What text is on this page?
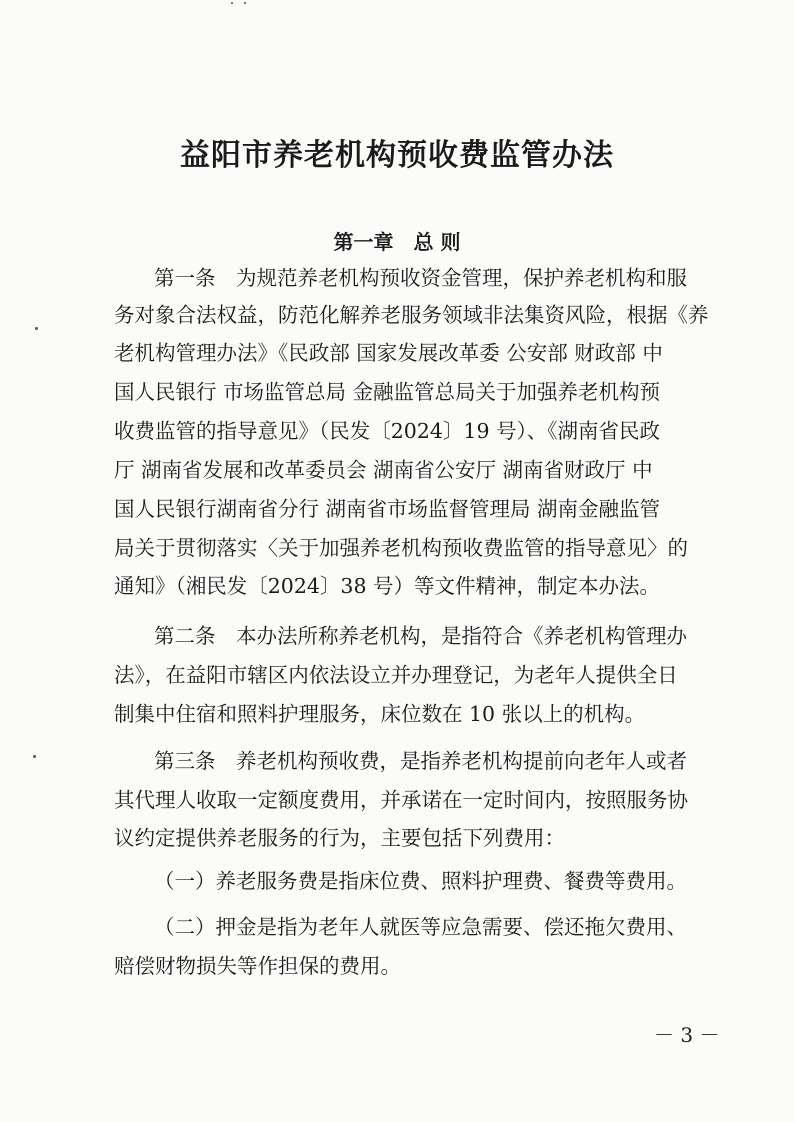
益阳市养老机构预收费监管办法
第一章　总 则
第一条　为规范养老机构预收资金管理，保护养老机构和服
务对象合法权益，防范化解养老服务领域非法集资风险，根据《养
老机构管理办法》《民政部 国家发展改革委 公安部 财政部 中
国人民银行 市场监管总局 金融监管总局关于加强养老机构预
收费监管的指导意见》（民发〔2024〕19 号）、《湖南省民政
厅 湖南省发展和改革委员会 湖南省公安厅 湖南省财政厅 中
国人民银行湖南省分行 湖南省市场监督管理局 湖南金融监管
局关于贯彻落实〈关于加强养老机构预收费监管的指导意见〉的
通知》（湘民发〔2024〕38 号）等文件精神，制定本办法。
第二条　本办法所称养老机构，是指符合《养老机构管理办
法》，在益阳市辖区内依法设立并办理登记，为老年人提供全日
制集中住宿和照料护理服务，床位数在 10 张以上的机构。
第三条　养老机构预收费，是指养老机构提前向老年人或者
其代理人收取一定额度费用，并承诺在一定时间内，按照服务协
议约定提供养老服务的行为，主要包括下列费用：
（一）养老服务费是指床位费、照料护理费、餐费等费用。
（二）押金是指为老年人就医等应急需要、偿还拖欠费用、
赔偿财物损失等作担保的费用。
－ 3 －
